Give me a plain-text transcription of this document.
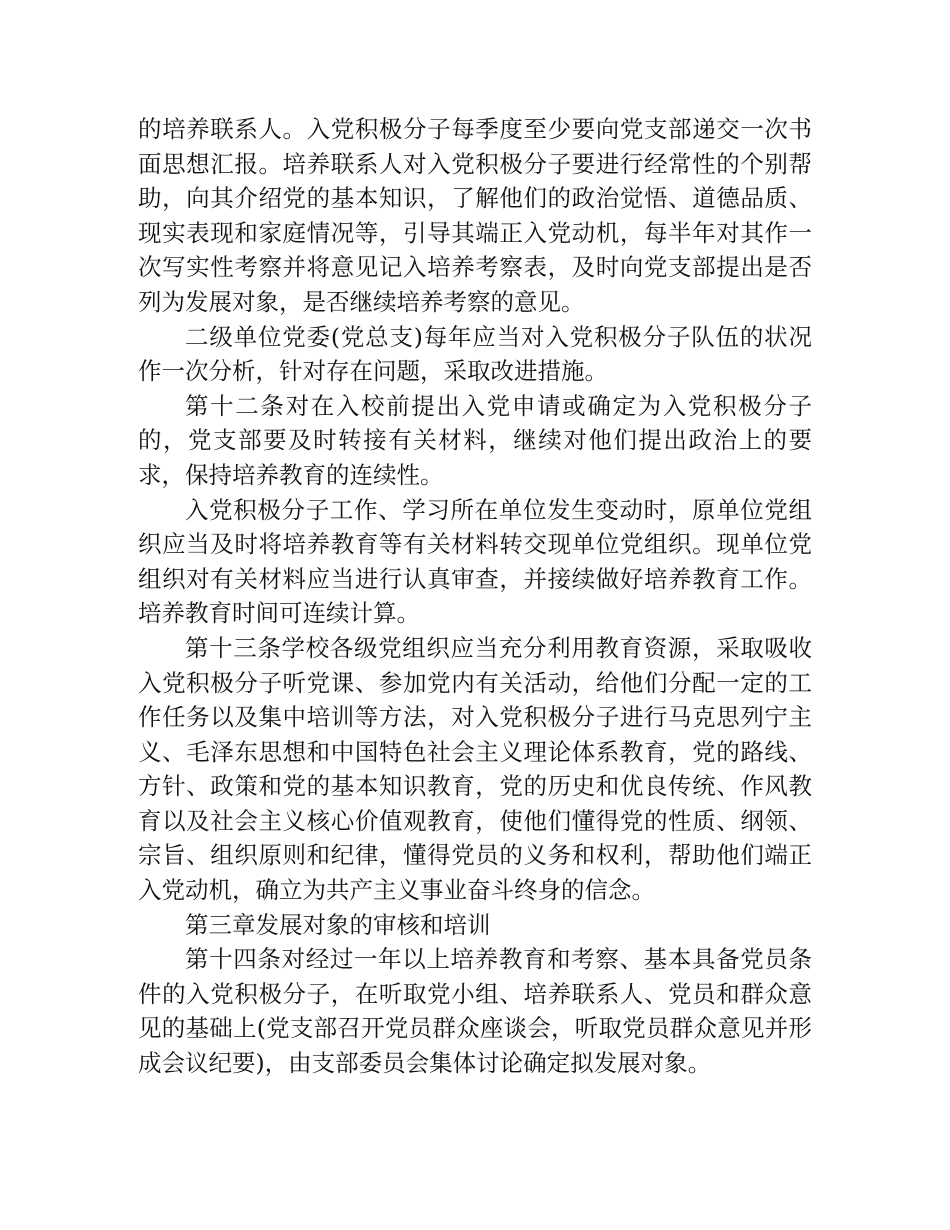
的培养联系人。入党积极分子每季度至少要向党支部递交一次书面思想汇报。培养联系人对入党积极分子要进行经常性的个别帮助，向其介绍党的基本知识，了解他们的政治觉悟、道德品质、现实表现和家庭情况等，引导其端正入党动机，每半年对其作一次写实性考察并将意见记入培养考察表，及时向党支部提出是否列为发展对象，是否继续培养考察的意见。

二级单位党委(党总支)每年应当对入党积极分子队伍的状况作一次分析，针对存在问题，采取改进措施。

第十二条对在入校前提出入党申请或确定为入党积极分子的，党支部要及时转接有关材料，继续对他们提出政治上的要求，保持培养教育的连续性。

入党积极分子工作、学习所在单位发生变动时，原单位党组织应当及时将培养教育等有关材料转交现单位党组织。现单位党组织对有关材料应当进行认真审查，并接续做好培养教育工作。培养教育时间可连续计算。

第十三条学校各级党组织应当充分利用教育资源，采取吸收入党积极分子听党课、参加党内有关活动，给他们分配一定的工作任务以及集中培训等方法，对入党积极分子进行马克思列宁主义、毛泽东思想和中国特色社会主义理论体系教育，党的路线、方针、政策和党的基本知识教育，党的历史和优良传统、作风教育以及社会主义核心价值观教育，使他们懂得党的性质、纲领、宗旨、组织原则和纪律，懂得党员的义务和权利，帮助他们端正入党动机，确立为共产主义事业奋斗终身的信念。

第三章发展对象的审核和培训

第十四条对经过一年以上培养教育和考察、基本具备党员条件的入党积极分子，在听取党小组、培养联系人、党员和群众意见的基础上(党支部召开党员群众座谈会，听取党员群众意见并形成会议纪要)，由支部委员会集体讨论确定拟发展对象。
